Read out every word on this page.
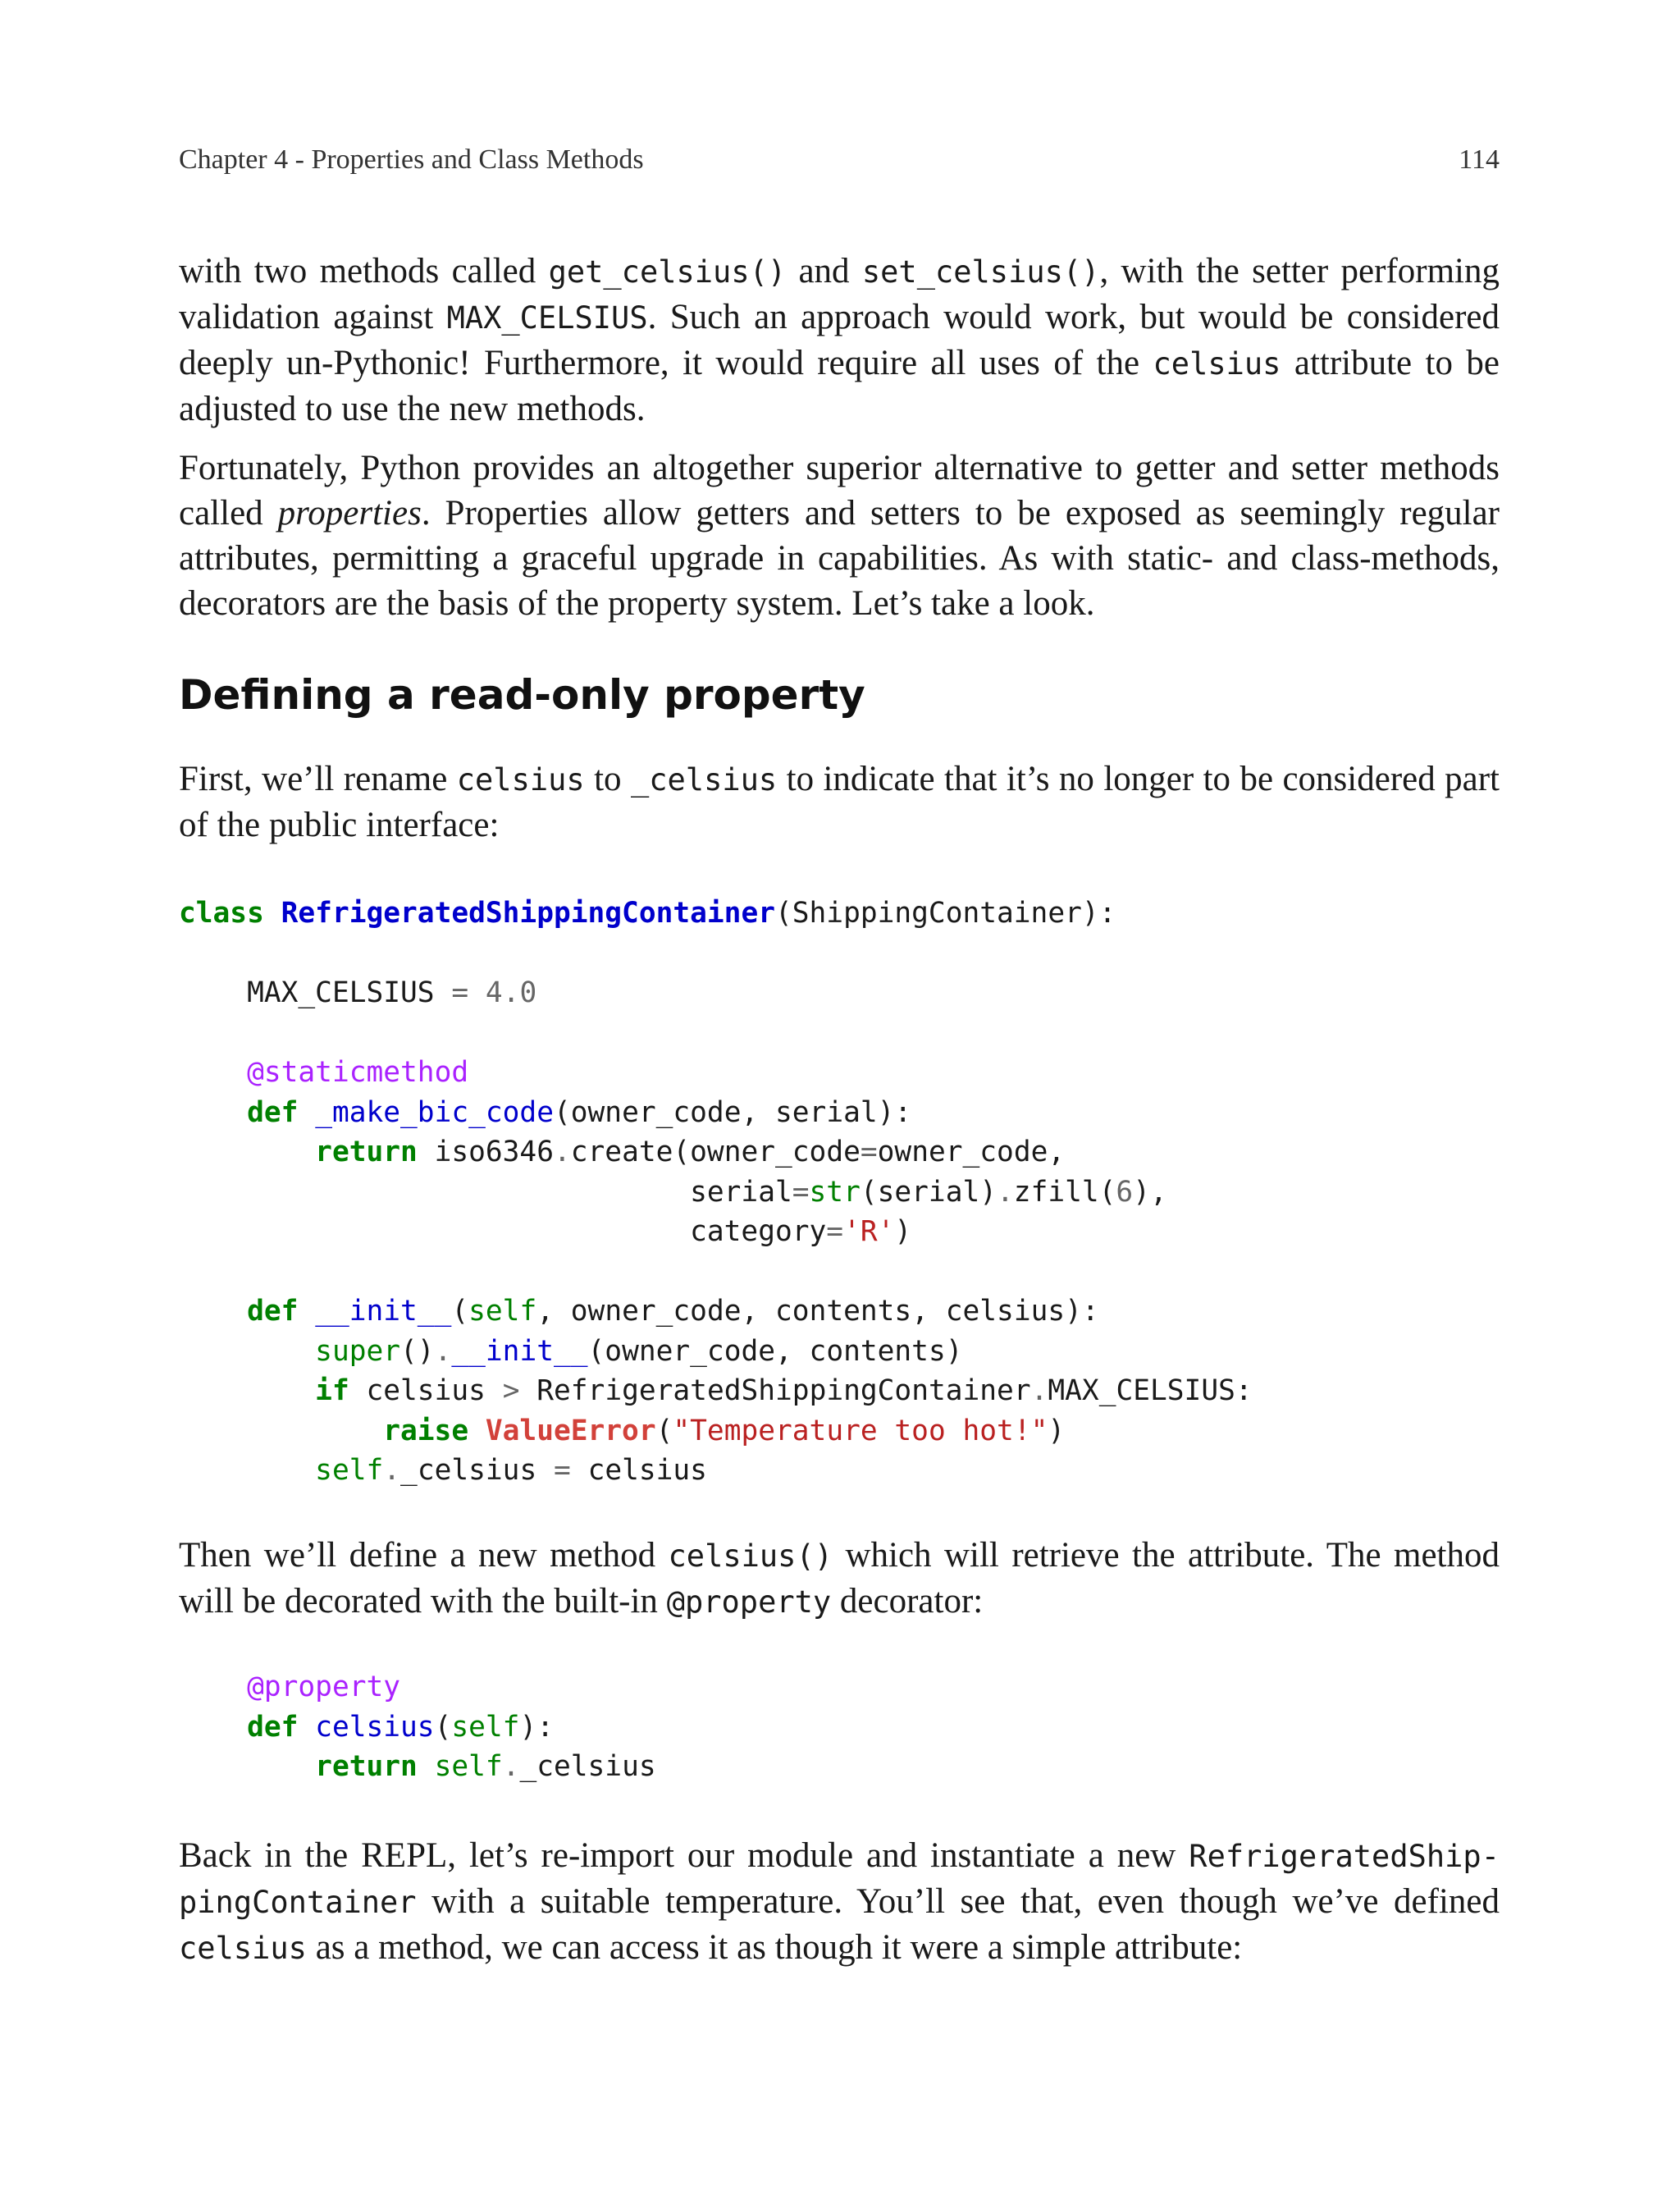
Chapter 4 - Properties and Class Methods	114

with two methods called get_celsius() and set_celsius(), with the setter performing validation against MAX_CELSIUS. Such an approach would work, but would be considered deeply un-Pythonic! Furthermore, it would require all uses of the celsius attribute to be adjusted to use the new methods.

Fortunately, Python provides an altogether superior alternative to getter and setter methods called properties. Properties allow getters and setters to be exposed as seemingly regular attributes, permitting a graceful upgrade in capabilities. As with static- and class-methods, decorators are the basis of the property system. Let’s take a look.

Defining a read-only property

First, we’ll rename celsius to _celsius to indicate that it’s no longer to be considered part of the public interface:

class RefrigeratedShippingContainer(ShippingContainer):

MAX_CELSIUS = 4.0

@staticmethod
def _make_bic_code(owner_code, serial):
return iso6346.create(owner_code=owner_code,
serial=str(serial).zfill(6),
category='R')

def __init__(self, owner_code, contents, celsius):
super().__init__(owner_code, contents)
if celsius > RefrigeratedShippingContainer.MAX_CELSIUS:
raise ValueError("Temperature too hot!")
self._celsius = celsius

Then we’ll define a new method celsius() which will retrieve the attribute. The method will be decorated with the built-in @property decorator:

@property
def celsius(self):
return self._celsius

Back in the REPL, let’s re-import our module and instantiate a new RefrigeratedShip-pingContainer with a suitable temperature. You’ll see that, even though we’ve defined celsius as a method, we can access it as though it were a simple attribute:
